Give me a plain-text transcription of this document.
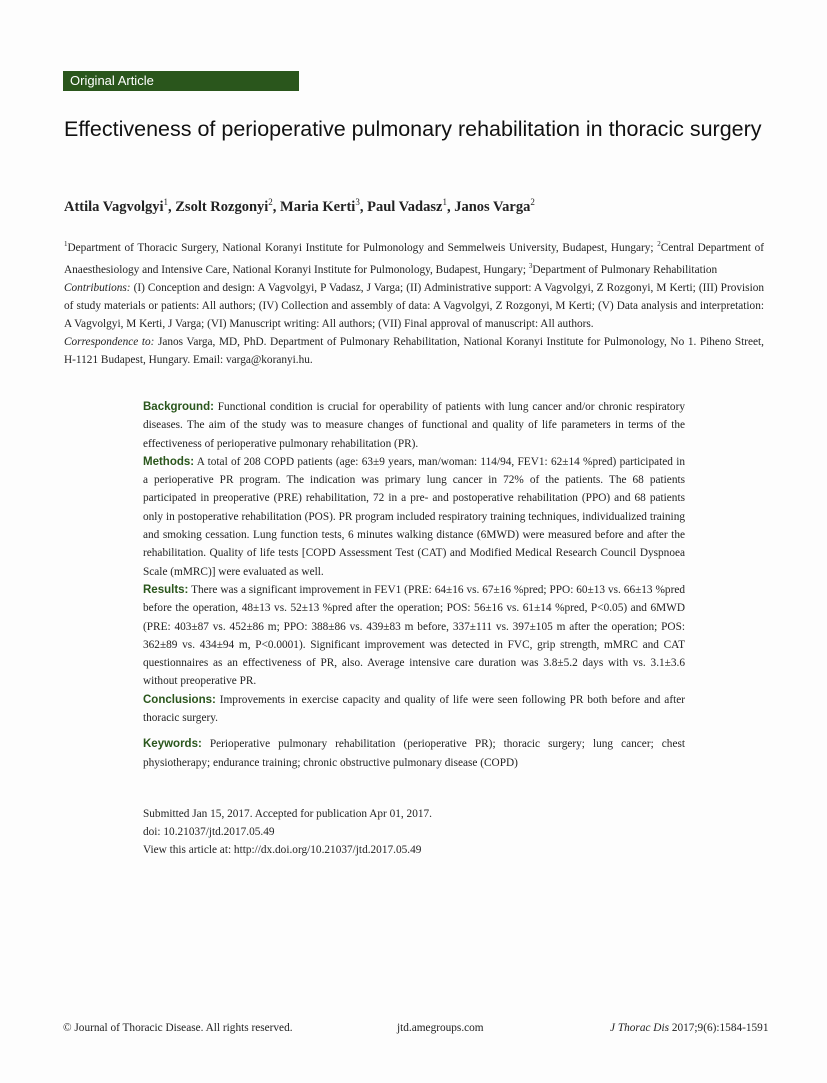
Original Article
Effectiveness of perioperative pulmonary rehabilitation in thoracic surgery
Attila Vagvolgyi$^1$, Zsolt Rozgonyi$^2$, Maria Kerti$^3$, Paul Vadasz$^1$, Janos Varga$^2$

$^1$Department of Thoracic Surgery, National Koranyi Institute for Pulmonology and Semmelweis University, Budapest, Hungary; $^2$Central Department of Anaesthesiology and Intensive Care, National Koranyi Institute for Pulmonology, Budapest, Hungary; $^3$Department of Pulmonary Rehabilitation

Contributions: (I) Conception and design: A Vagvolgyi, P Vadasz, J Varga; (II) Administrative support: A Vagvolgyi, Z Rozgonyi, M Kerti; (III) Provision of study materials or patients: All authors; (IV) Collection and assembly of data: A Vagvolgyi, Z Rozgonyi, M Kerti; (V) Data analysis and interpretation: A Vagvolgyi, M Kerti, J Varga; (VI) Manuscript writing: All authors; (VII) Final approval of manuscript: All authors.

Correspondence to: Janos Varga, MD, PhD. Department of Pulmonary Rehabilitation, National Koranyi Institute for Pulmonology, No 1. Piheno Street, H-1121 Budapest, Hungary. Email: varga@koranyi.hu.

Background: Functional condition is crucial for operability of patients with lung cancer and/or chronic respiratory diseases. The aim of the study was to measure changes of functional and quality of life parameters in terms of the effectiveness of perioperative pulmonary rehabilitation (PR).

Methods: A total of 208 COPD patients (age: 63±9 years, man/woman: 114/94, FEV1: 62±14 %pred) participated in a perioperative PR program. The indication was primary lung cancer in 72% of the patients. The 68 patients participated in preoperative (PRE) rehabilitation, 72 in a pre- and postoperative rehabilitation (PPO) and 68 patients only in postoperative rehabilitation (POS). PR program included respiratory training techniques, individualized training and smoking cessation. Lung function tests, 6 minutes walking distance (6MWD) were measured before and after the rehabilitation. Quality of life tests [COPD Assessment Test (CAT) and Modified Medical Research Council Dyspnoea Scale (mMRC)] were evaluated as well.

Results: There was a significant improvement in FEV1 (PRE: 64±16 vs. 67±16 %pred; PPO: 60±13 vs. 66±13 %pred before the operation, 48±13 vs. 52±13 %pred after the operation; POS: 56±16 vs. 61±14 %pred, P<0.05) and 6MWD (PRE: 403±87 vs. 452±86 m; PPO: 388±86 vs. 439±83 m before, 337±111 vs. 397±105 m after the operation; POS: 362±89 vs. 434±94 m, P<0.0001). Significant improvement was detected in FVC, grip strength, mMRC and CAT questionnaires as an effectiveness of PR, also. Average intensive care duration was 3.8±5.2 days with vs. 3.1±3.6 without preoperative PR.

Conclusions: Improvements in exercise capacity and quality of life were seen following PR both before and after thoracic surgery.

Keywords: Perioperative pulmonary rehabilitation (perioperative PR); thoracic surgery; lung cancer; chest physiotherapy; endurance training; chronic obstructive pulmonary disease (COPD)

Submitted Jan 15, 2017. Accepted for publication Apr 01, 2017.
doi: 10.21037/jtd.2017.05.49
View this article at: http://dx.doi.org/10.21037/jtd.2017.05.49
© Journal of Thoracic Disease. All rights reserved.	jtd.amegroups.com	J Thorac Dis 2017;9(6):1584-1591
